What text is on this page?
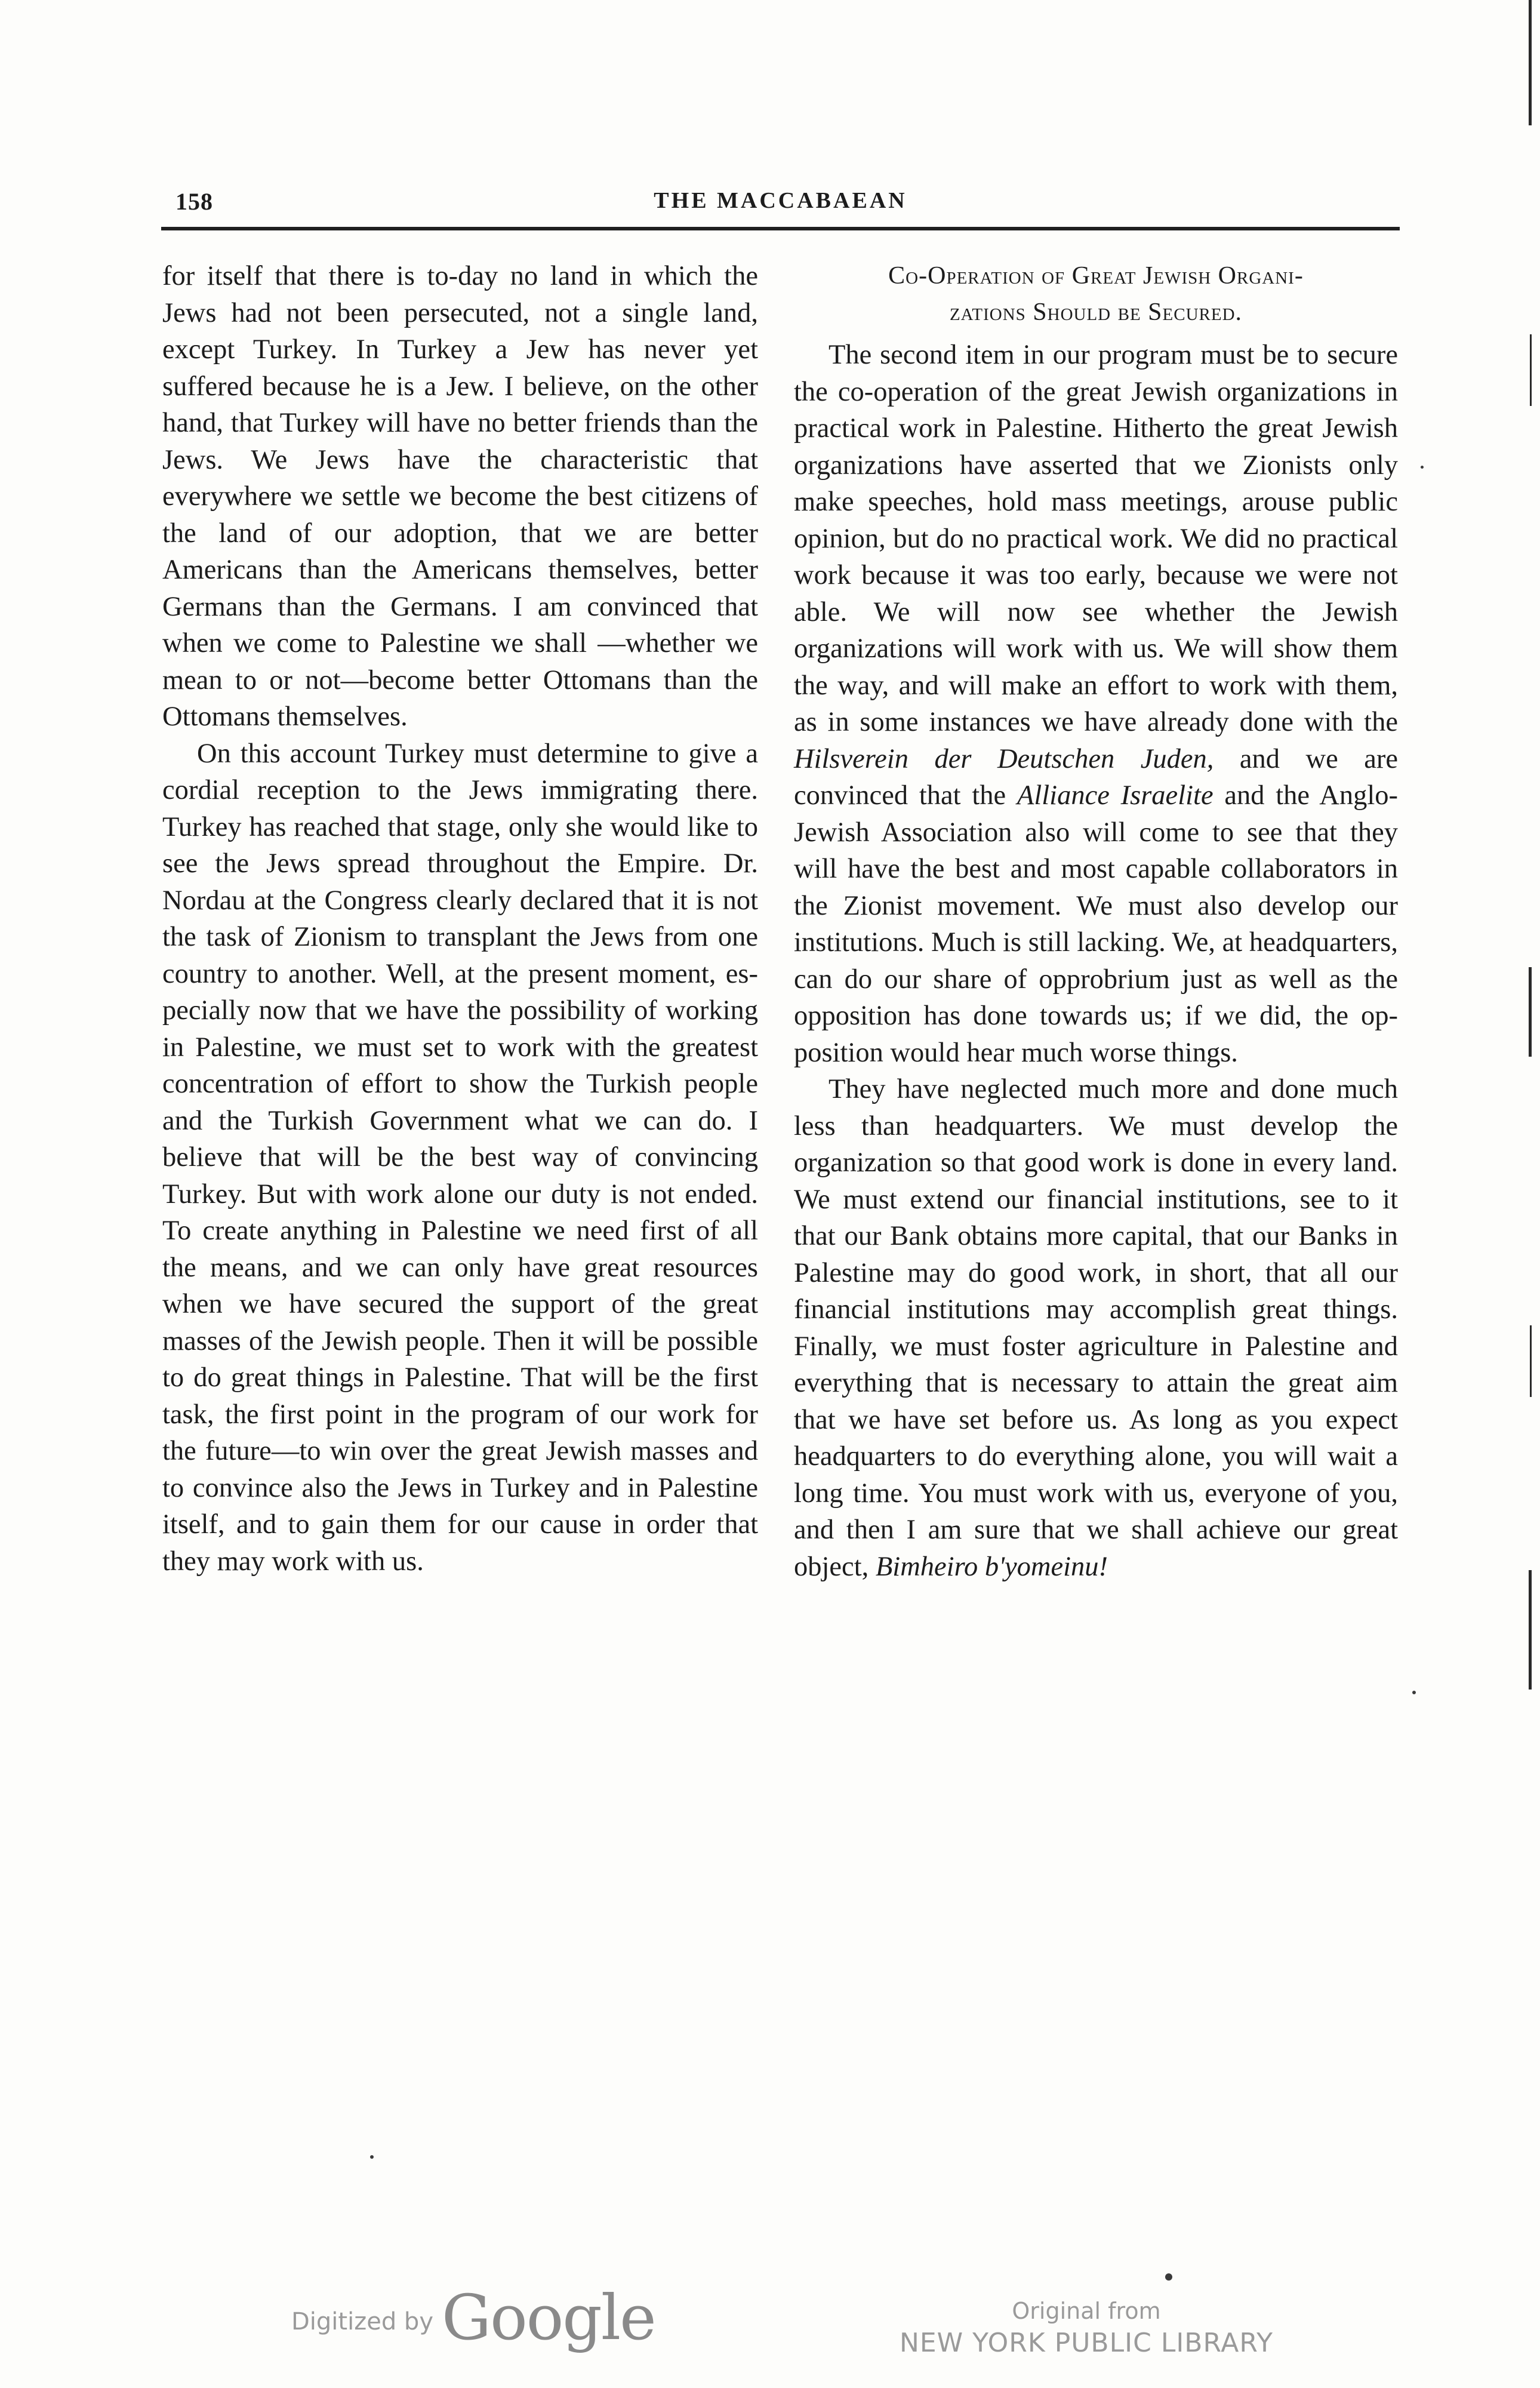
158	THE MACCABAEAN

for itself that there is to-day no land in which the Jews had not been persecuted, not a single land, except Turkey. In Turkey a Jew has never yet suffered because he is a Jew. I believe, on the other hand, that Turkey will have no better friends than the Jews. We Jews have the characteristic that everywhere we settle we become the best citizens of the land of our adoption, that we are better Americans than the Americans themselves, better Germans than the Germans. I am convinced that when we come to Palestine we shall —whether we mean to or not—become better Ottomans than the Ottomans themselves.

On this account Turkey must determine to give a cordial reception to the Jews immigrating there. Turkey has reached that stage, only she would like to see the Jews spread throughout the Empire. Dr. Nordau at the Congress clearly declared that it is not the task of Zionism to transplant the Jews from one country to another. Well, at the present moment, especially now that we have the possibility of working in Palestine, we must set to work with the greatest concentration of effort to show the Turkish people and the Turkish Government what we can do. I believe that will be the best way of convincing Turkey. But with work alone our duty is not ended. To create anything in Palestine we need first of all the means, and we can only have great resources when we have secured the support of the great masses of the Jewish people. Then it will be possible to do great things in Palestine. That will be the first task, the first point in the program of our work for the future—to win over the great Jewish masses and to convince also the Jews in Turkey and in Palestine itself, and to gain them for our cause in order that they may work with us.

Co-Operation of Great Jewish Organi-
zations Should be Secured.

The second item in our program must be to secure the co-operation of the great Jewish organizations in practical work in Palestine. Hitherto the great Jewish organizations have asserted that we Zionists only make speeches, hold mass meetings, arouse public opinion, but do no practical work. We did no practical work because it was too early, because we were not able. We will now see whether the Jewish organizations will work with us. We will show them the way, and will make an effort to work with them, as in some instances we have already done with the Hilsverein der Deutschen Juden, and we are convinced that the Alliance Israelite and the Anglo-Jewish Association also will come to see that they will have the best and most capable collaborators in the Zionist movement. We must also develop our institutions. Much is still lacking. We, at headquarters, can do our share of opprobrium just as well as the opposition has done towards us; if we did, the opposition would hear much worse things.

They have neglected much more and done much less than headquarters. We must develop the organization so that good work is done in every land. We must extend our financial institutions, see to it that our Bank obtains more capital, that our Banks in Palestine may do good work, in short, that all our financial institutions may accomplish great things. Finally, we must foster agriculture in Palestine and everything that is necessary to attain the great aim that we have set before us. As long as you expect headquarters to do everything alone, you will wait a long time. You must work with us, everyone of you, and then I am sure that we shall achieve our great object, Bimheiro b'yomeinu!

Digitized by Google	Original from
NEW YORK PUBLIC LIBRARY
